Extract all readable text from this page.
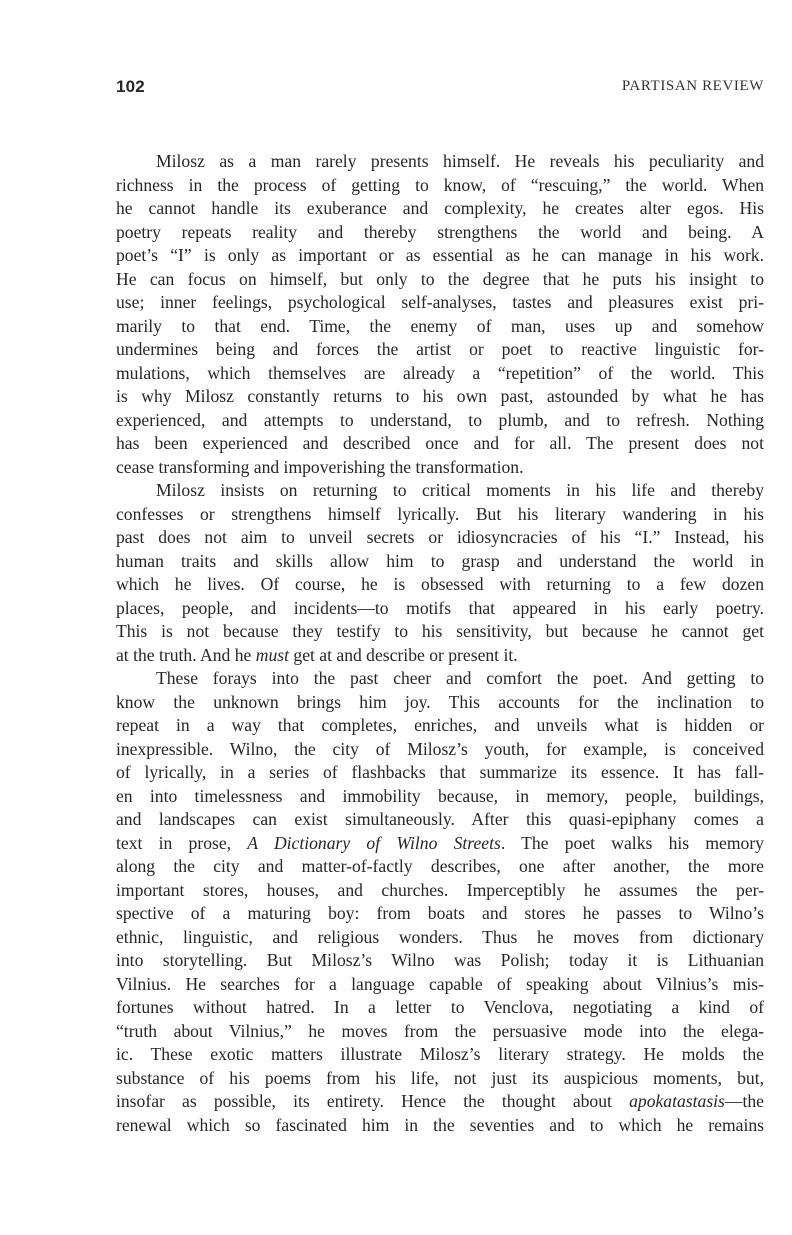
102	PARTISAN REVIEW
Milosz as a man rarely presents himself. He reveals his peculiarity and
richness in the process of getting to know, of “rescuing,” the world. When
he cannot handle its exuberance and complexity, he creates alter egos. His
poetry repeats reality and thereby strengthens the world and being. A
poet’s “I” is only as important or as essential as he can manage in his work.
He can focus on himself, but only to the degree that he puts his insight to
use; inner feelings, psychological self-analyses, tastes and pleasures exist pri-
marily to that end. Time, the enemy of man, uses up and somehow
undermines being and forces the artist or poet to reactive linguistic for-
mulations, which themselves are already a “repetition” of the world. This
is why Milosz constantly returns to his own past, astounded by what he has
experienced, and attempts to understand, to plumb, and to refresh. Nothing
has been experienced and described once and for all. The present does not
cease transforming and impoverishing the transformation.
Milosz insists on returning to critical moments in his life and thereby
confesses or strengthens himself lyrically. But his literary wandering in his
past does not aim to unveil secrets or idiosyncracies of his “I.” Instead, his
human traits and skills allow him to grasp and understand the world in
which he lives. Of course, he is obsessed with returning to a few dozen
places, people, and incidents—to motifs that appeared in his early poetry.
This is not because they testify to his sensitivity, but because he cannot get
at the truth. And he must get at and describe or present it.
These forays into the past cheer and comfort the poet. And getting to
know the unknown brings him joy. This accounts for the inclination to
repeat in a way that completes, enriches, and unveils what is hidden or
inexpressible. Wilno, the city of Milosz’s youth, for example, is conceived
of lyrically, in a series of flashbacks that summarize its essence. It has fall-
en into timelessness and immobility because, in memory, people, buildings,
and landscapes can exist simultaneously. After this quasi-epiphany comes a
text in prose, A Dictionary of Wilno Streets. The poet walks his memory
along the city and matter-of-factly describes, one after another, the more
important stores, houses, and churches. Imperceptibly he assumes the per-
spective of a maturing boy: from boats and stores he passes to Wilno’s
ethnic, linguistic, and religious wonders. Thus he moves from dictionary
into storytelling. But Milosz’s Wilno was Polish; today it is Lithuanian
Vilnius. He searches for a language capable of speaking about Vilnius’s mis-
fortunes without hatred. In a letter to Venclova, negotiating a kind of
“truth about Vilnius,” he moves from the persuasive mode into the elega-
ic. These exotic matters illustrate Milosz’s literary strategy. He molds the
substance of his poems from his life, not just its auspicious moments, but,
insofar as possible, its entirety. Hence the thought about apokatastasis—the
renewal which so fascinated him in the seventies and to which he remains
